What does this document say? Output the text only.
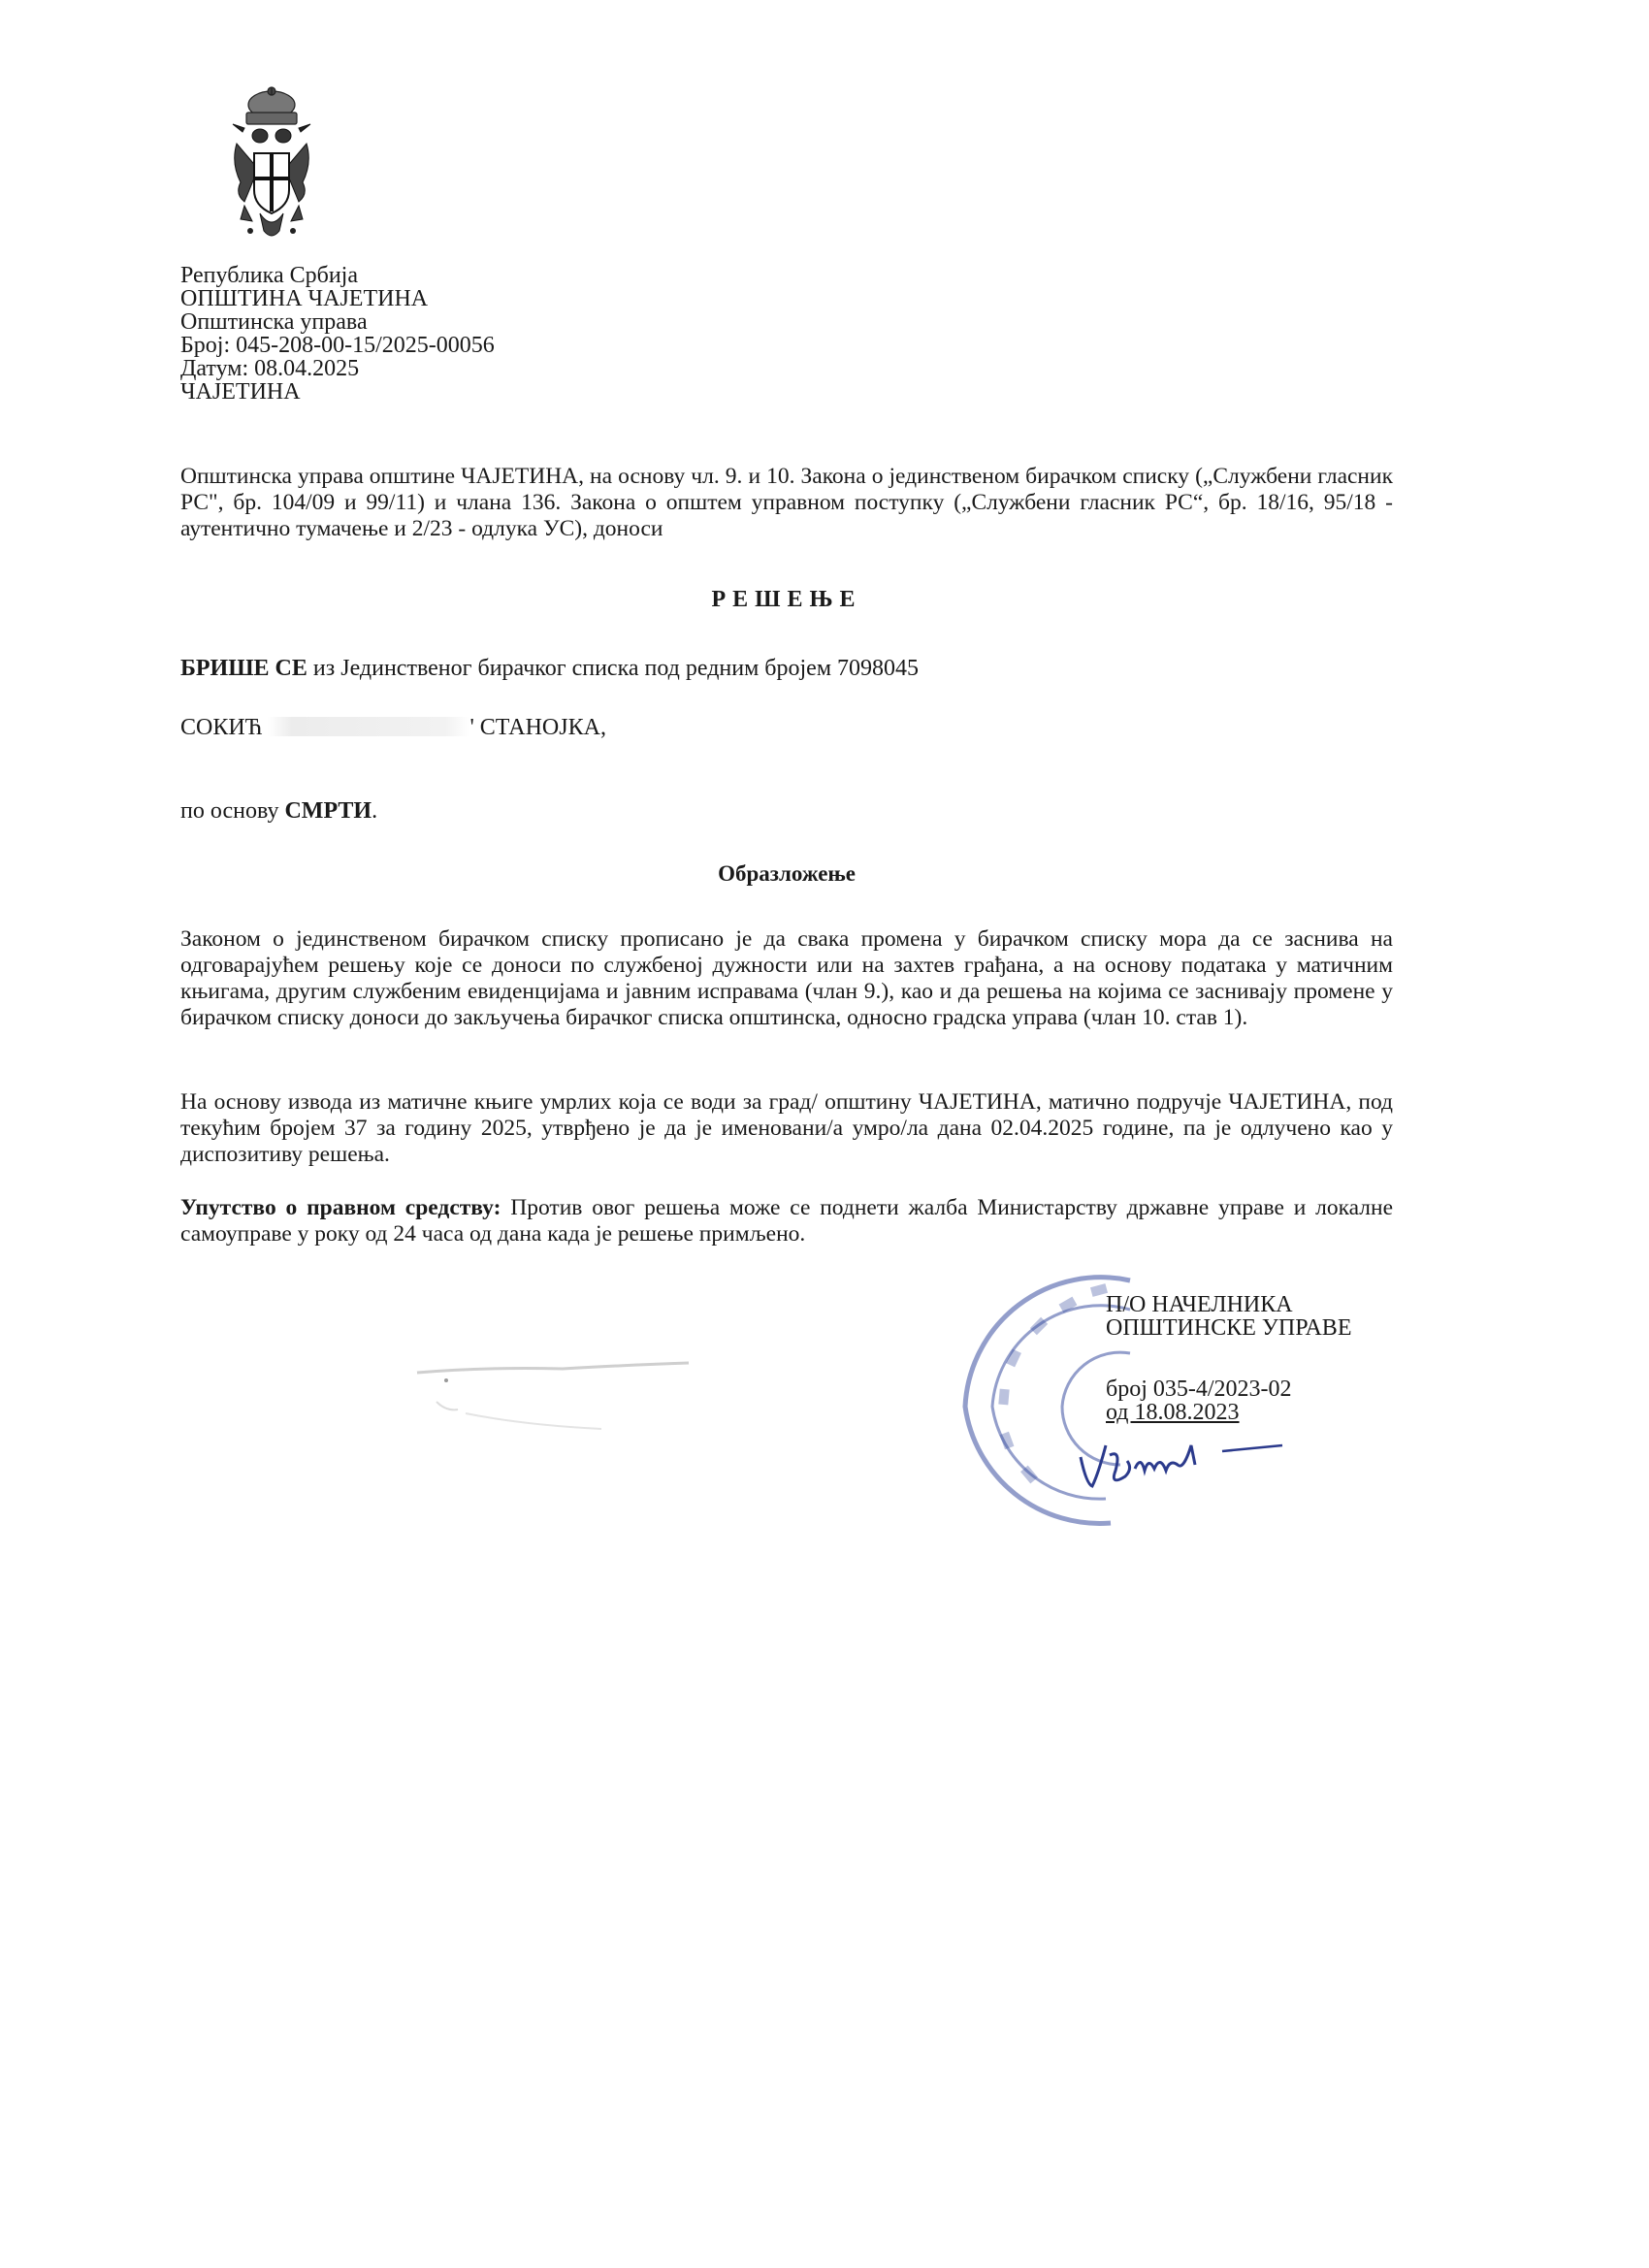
Република Србија
ОПШТИНА ЧАЈЕТИНА
Општинска управа
Број: 045-208-00-15/2025-00056
Датум: 08.04.2025
ЧАЈЕТИНА
Општинска управа општине ЧАЈЕТИНА, на основу чл. 9. и 10. Закона о јединственом бирачком списку („Службени гласник РС", бр. 104/09 и 99/11) и члана 136. Закона о општем управном поступку („Службени гласник РС“, бр. 18/16, 95/18 - аутентично тумачење и 2/23 - одлука УС), доноси
РЕШЕЊЕ
БРИШЕ СЕ из Јединственог бирачког списка под редним бројем 7098045
СОКИЋ	' СТАНОЈКА,
по основу СМРТИ.
Образложење
Законом о јединственом бирачком списку прописано је да свака промена у бирачком списку мора да се заснива на одговарајућем решењу које се доноси по службеној дужности или на захтев грађана, а на основу података у матичним књигама, другим службеним евиденцијама и јавним исправама (члан 9.), као и да решења на којима се заснивају промене у бирачком списку доноси до закључења бирачког списка општинска, односно градска управа (члан 10. став 1).
На основу извода из матичне књиге умрлих која се води за град/ општину ЧАЈЕТИНА, матично подручје ЧАЈЕТИНА, под текућим бројем 37 за годину 2025, утврђено је да је именовани/а умро/ла дана 02.04.2025 године, па је одлучено као у диспозитиву решења.
Упутство о правном средству: Против овог решења може се поднети жалба Министарству државне управе и локалне самоуправе у року од 24 часа од дана када је решење примљено.
П/О НАЧЕЛНИКА
ОПШТИНСКЕ УПРАВЕ
број 035-4/2023-02
од 18.08.2023
